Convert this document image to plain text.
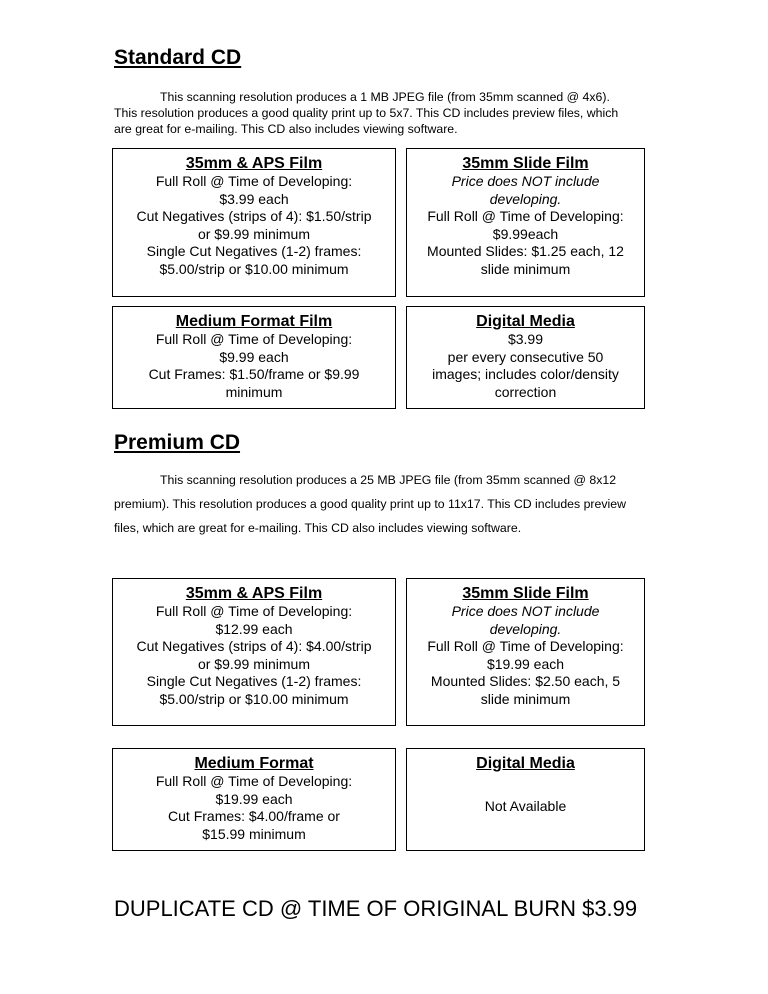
Standard CD

This scanning resolution produces a 1 MB JPEG file (from 35mm scanned @ 4x6). This resolution produces a good quality print up to 5x7. This CD includes preview files, which are great for e-mailing. This CD also includes viewing software.

35mm & APS Film
Full Roll @ Time of Developing:
$3.99 each
Cut Negatives (strips of 4): $1.50/strip
or $9.99 minimum
Single Cut Negatives (1-2) frames:
$5.00/strip or $10.00 minimum
35mm Slide Film
Price does NOT include developing.
Full Roll @ Time of Developing:
$9.99each
Mounted Slides: $1.25 each, 12
slide minimum
Medium Format Film
Full Roll @ Time of Developing:
$9.99 each
Cut Frames: $1.50/frame or $9.99
minimum
Digital Media
$3.99
per every consecutive 50
images; includes color/density
correction
Premium CD

This scanning resolution produces a 25 MB JPEG file (from 35mm scanned @ 8x12 premium). This resolution produces a good quality print up to 11x17. This CD includes preview files, which are great for e-mailing. This CD also includes viewing software.

35mm & APS Film
Full Roll @ Time of Developing:
$12.99 each
Cut Negatives (strips of 4): $4.00/strip
or $9.99 minimum
Single Cut Negatives (1-2) frames:
$5.00/strip or $10.00 minimum
35mm Slide Film
Price does NOT include developing.
Full Roll @ Time of Developing:
$19.99 each
Mounted Slides: $2.50 each, 5
slide minimum
Medium Format
Full Roll @ Time of Developing:
$19.99 each
Cut Frames: $4.00/frame or
$15.99 minimum
Digital Media
Not Available

DUPLICATE CD @ TIME OF ORIGINAL BURN $3.99
